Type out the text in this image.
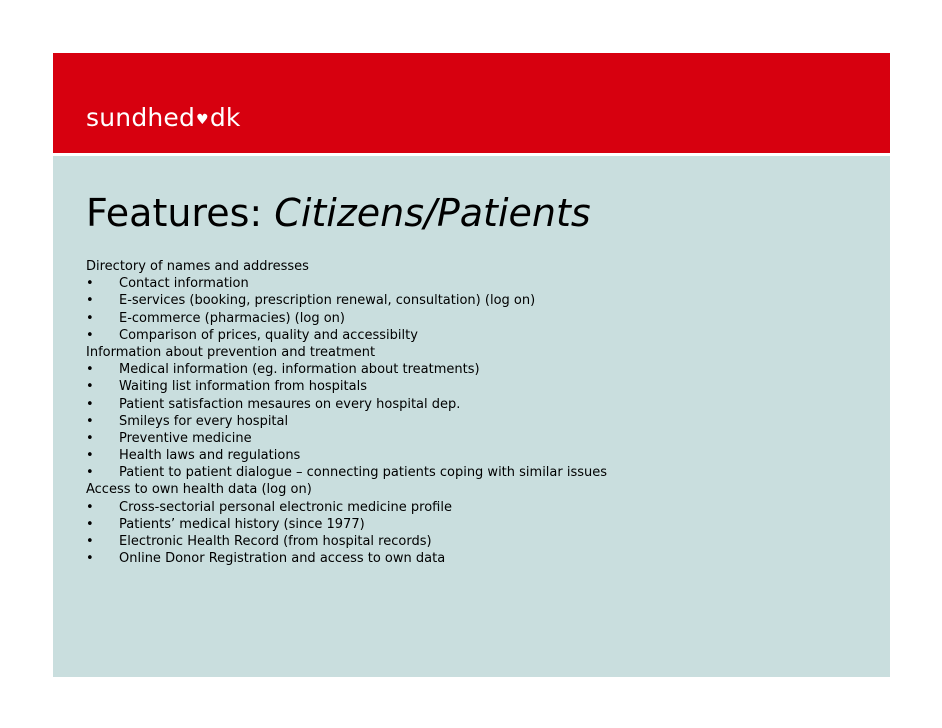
sundhed♥dk
Features: Citizens/Patients
Directory of names and addresses
•	Contact information
•	E-services (booking, prescription renewal, consultation) (log on)
•	E-commerce (pharmacies) (log on)
•	Comparison of prices, quality and accessibilty
Information about prevention and treatment
•	Medical information (eg. information about treatments)
•	Waiting list information from hospitals
•	Patient satisfaction mesaures on every hospital dep.
•	Smileys for every hospital
•	Preventive medicine
•	Health laws and regulations
•	Patient to patient dialogue – connecting patients coping with similar issues
Access to own health data (log on)
•	Cross-sectorial personal electronic medicine profile
•	Patients’ medical history (since 1977)
•	Electronic Health Record (from hospital records)
•	Online Donor Registration and access to own data
